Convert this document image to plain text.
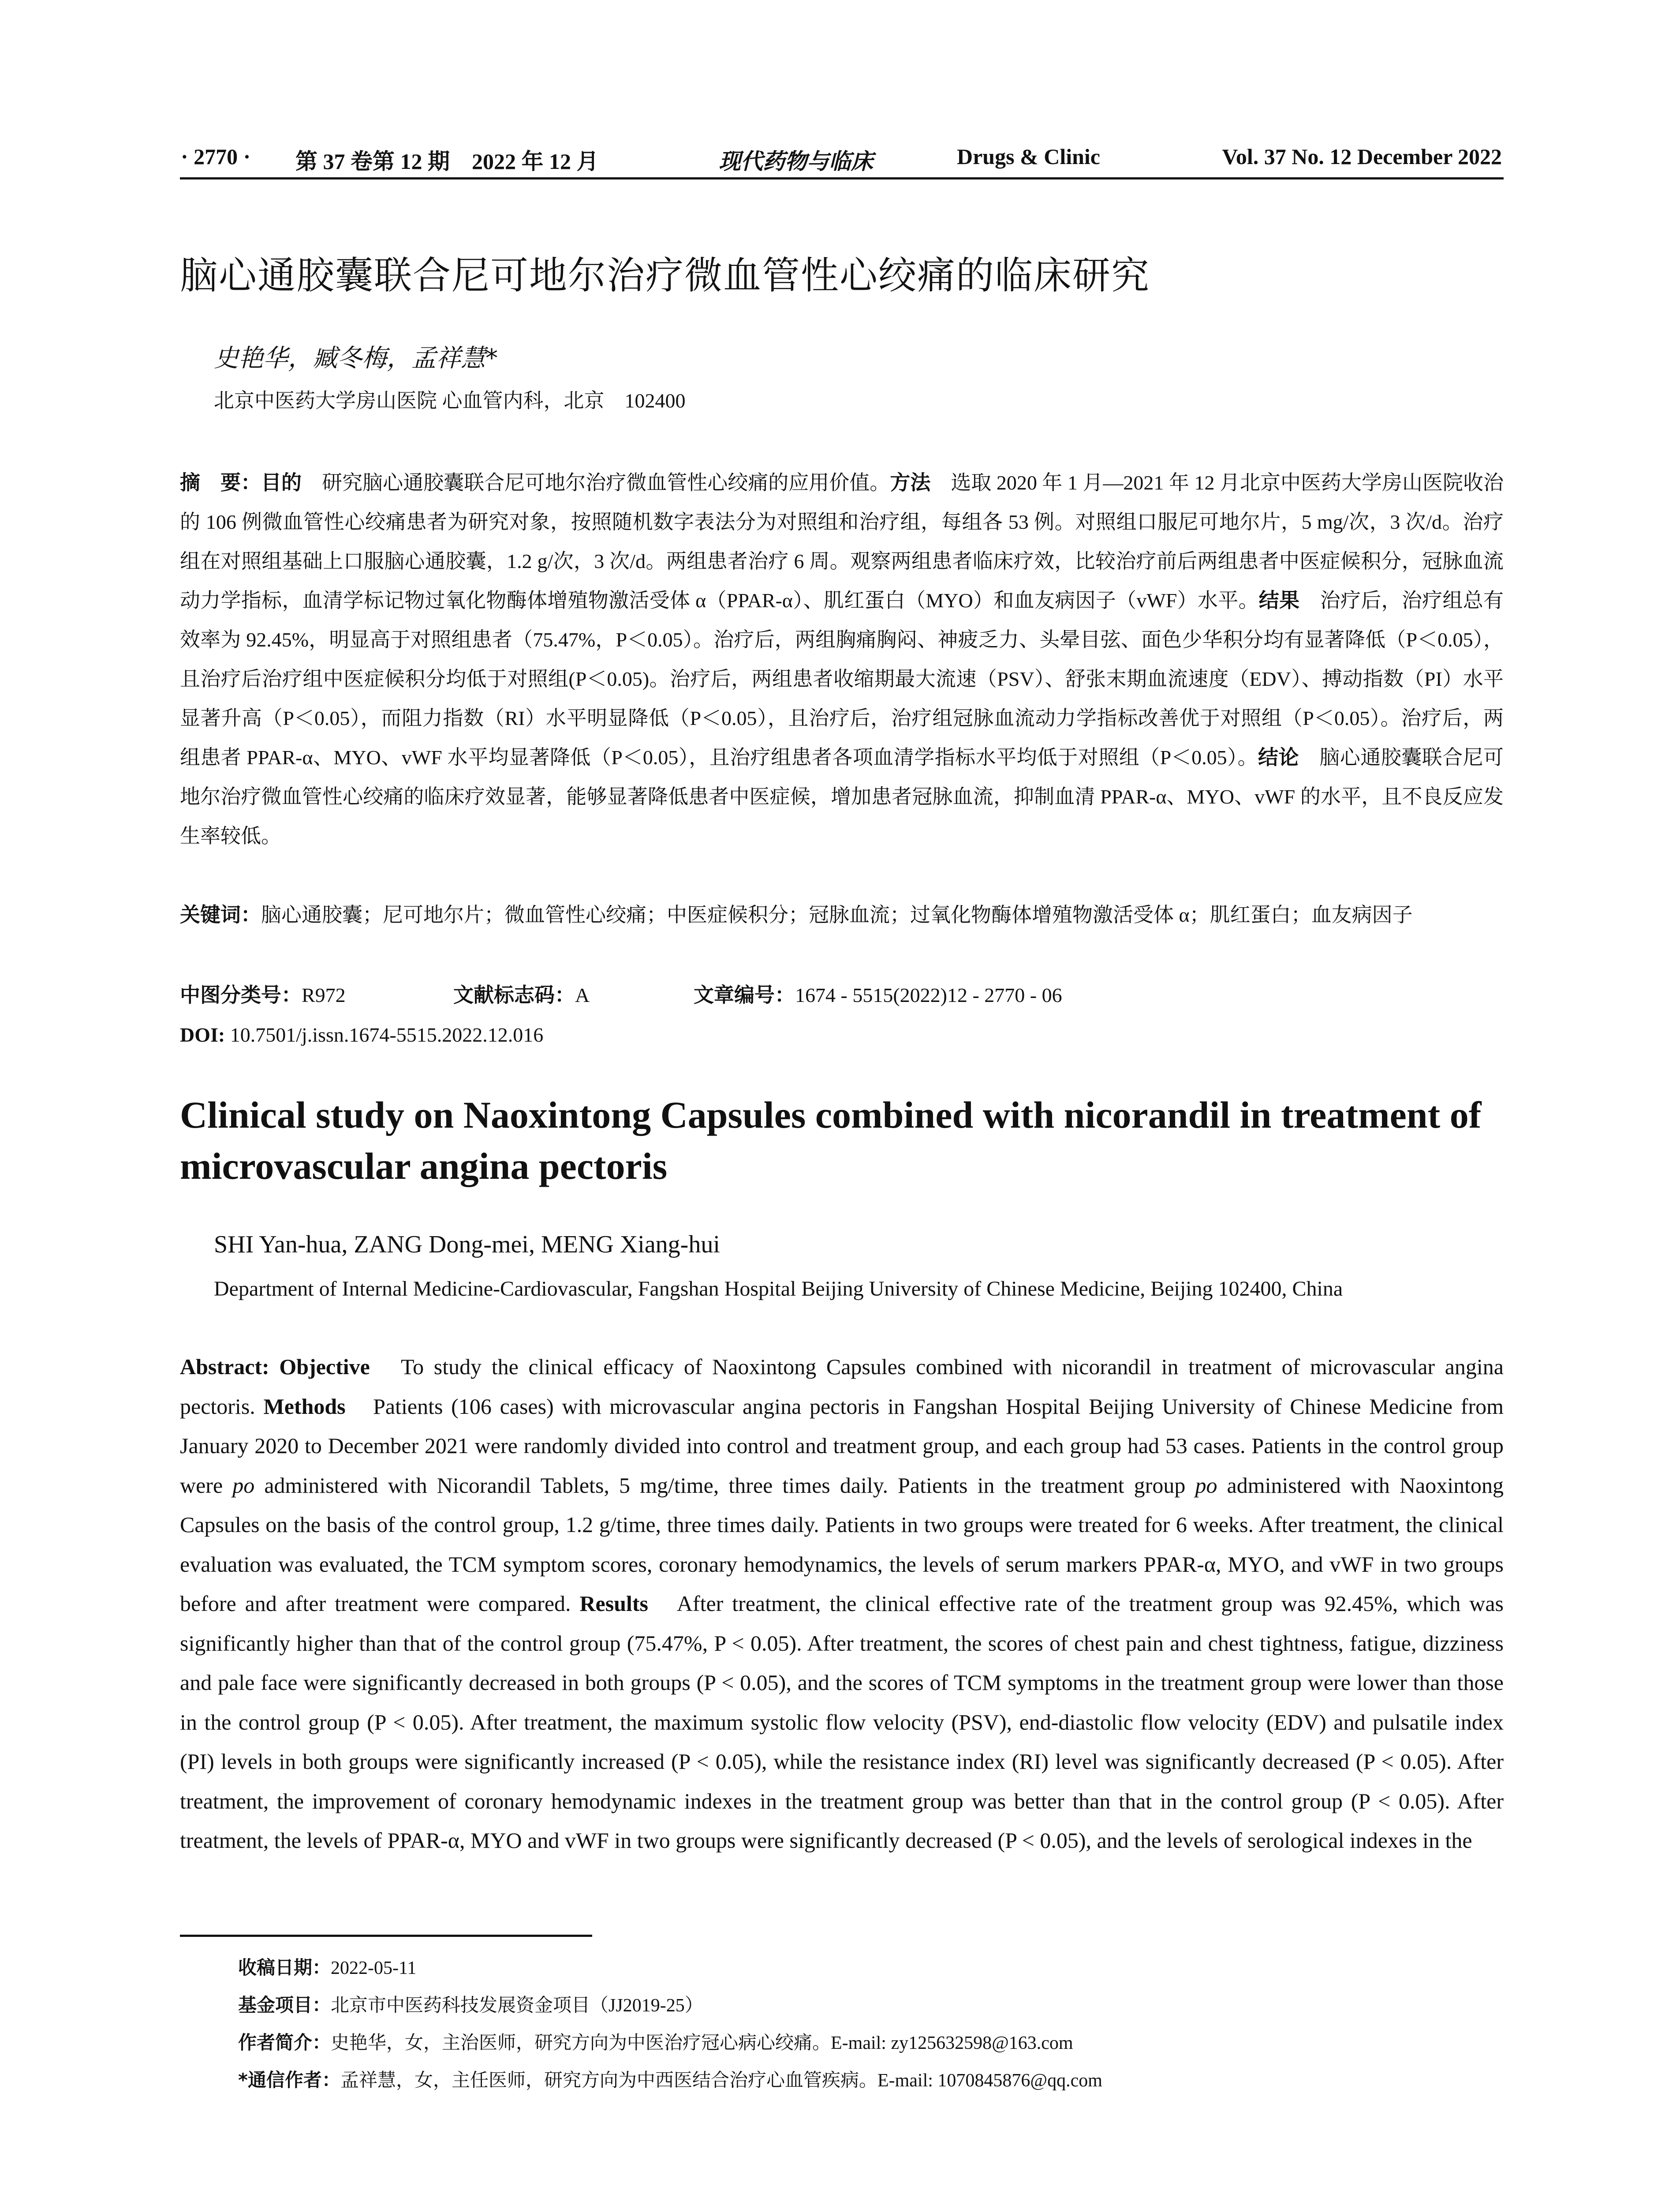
· 2770 · 第 37 卷第 12 期　2022 年 12 月	现代药物与临床	Drugs & Clinic	Vol. 37 No. 12 December 2022
脑心通胶囊联合尼可地尔治疗微血管性心绞痛的临床研究
史艳华，臧冬梅，孟祥慧*
北京中医药大学房山医院 心血管内科，北京　102400
摘　要：目的　研究脑心通胶囊联合尼可地尔治疗微血管性心绞痛的应用价值。方法　选取 2020 年 1 月—2021 年 12 月北京中医药大学房山医院收治的 106 例微血管性心绞痛患者为研究对象，按照随机数字表法分为对照组和治疗组，每组各 53 例。对照组口服尼可地尔片，5 mg/次，3 次/d。治疗组在对照组基础上口服脑心通胶囊，1.2 g/次，3 次/d。两组患者治疗 6 周。观察两组患者临床疗效，比较治疗前后两组患者中医症候积分，冠脉血流动力学指标，血清学标记物过氧化物酶体增殖物激活受体 α（PPAR-α）、肌红蛋白（MYO）和血友病因子（vWF）水平。结果　治疗后，治疗组总有效率为 92.45%，明显高于对照组患者（75.47%，P＜0.05）。治疗后，两组胸痛胸闷、神疲乏力、头晕目弦、面色少华积分均有显著降低（P＜0.05），且治疗后治疗组中医症候积分均低于对照组(P＜0.05)。治疗后，两组患者收缩期最大流速（PSV）、舒张末期血流速度（EDV）、搏动指数（PI）水平显著升高（P＜0.05），而阻力指数（RI）水平明显降低（P＜0.05），且治疗后，治疗组冠脉血流动力学指标改善优于对照组（P＜0.05）。治疗后，两组患者 PPAR-α、MYO、vWF 水平均显著降低（P＜0.05），且治疗组患者各项血清学指标水平均低于对照组（P＜0.05）。结论　脑心通胶囊联合尼可地尔治疗微血管性心绞痛的临床疗效显著，能够显著降低患者中医症候，增加患者冠脉血流，抑制血清 PPAR-α、MYO、vWF 的水平，且不良反应发生率较低。
关键词：脑心通胶囊；尼可地尔片；微血管性心绞痛；中医症候积分；冠脉血流；过氧化物酶体增殖物激活受体 α；肌红蛋白；血友病因子
中图分类号：R972	文献标志码：A	文章编号：1674 - 5515(2022)12 - 2770 - 06
DOI: 10.7501/j.issn.1674-5515.2022.12.016
Clinical study on Naoxintong Capsules combined with nicorandil in treatment of microvascular angina pectoris
SHI Yan-hua, ZANG Dong-mei, MENG Xiang-hui
Department of Internal Medicine-Cardiovascular, Fangshan Hospital Beijing University of Chinese Medicine, Beijing 102400, China
Abstract: Objective　To study the clinical efficacy of Naoxintong Capsules combined with nicorandil in treatment of microvascular angina pectoris. Methods　Patients (106 cases) with microvascular angina pectoris in Fangshan Hospital Beijing University of Chinese Medicine from January 2020 to December 2021 were randomly divided into control and treatment group, and each group had 53 cases. Patients in the control group were po administered with Nicorandil Tablets, 5 mg/time, three times daily. Patients in the treatment group po administered with Naoxintong Capsules on the basis of the control group, 1.2 g/time, three times daily. Patients in two groups were treated for 6 weeks. After treatment, the clinical evaluation was evaluated, the TCM symptom scores, coronary hemodynamics, the levels of serum markers PPAR-α, MYO, and vWF in two groups before and after treatment were compared. Results　After treatment, the clinical effective rate of the treatment group was 92.45%, which was significantly higher than that of the control group (75.47%, P < 0.05). After treatment, the scores of chest pain and chest tightness, fatigue, dizziness and pale face were significantly decreased in both groups (P < 0.05), and the scores of TCM symptoms in the treatment group were lower than those in the control group (P < 0.05). After treatment, the maximum systolic flow velocity (PSV), end-diastolic flow velocity (EDV) and pulsatile index (PI) levels in both groups were significantly increased (P < 0.05), while the resistance index (RI) level was significantly decreased (P < 0.05). After treatment, the improvement of coronary hemodynamic indexes in the treatment group was better than that in the control group (P < 0.05). After treatment, the levels of PPAR-α, MYO and vWF in two groups were significantly decreased (P < 0.05), and the levels of serological indexes in the
收稿日期：2022-05-11
基金项目：北京市中医药科技发展资金项目（JJ2019-25）
作者简介：史艳华，女，主治医师，研究方向为中医治疗冠心病心绞痛。E-mail: zy125632598@163.com
*通信作者：孟祥慧，女，主任医师，研究方向为中西医结合治疗心血管疾病。E-mail: 1070845876@qq.com
